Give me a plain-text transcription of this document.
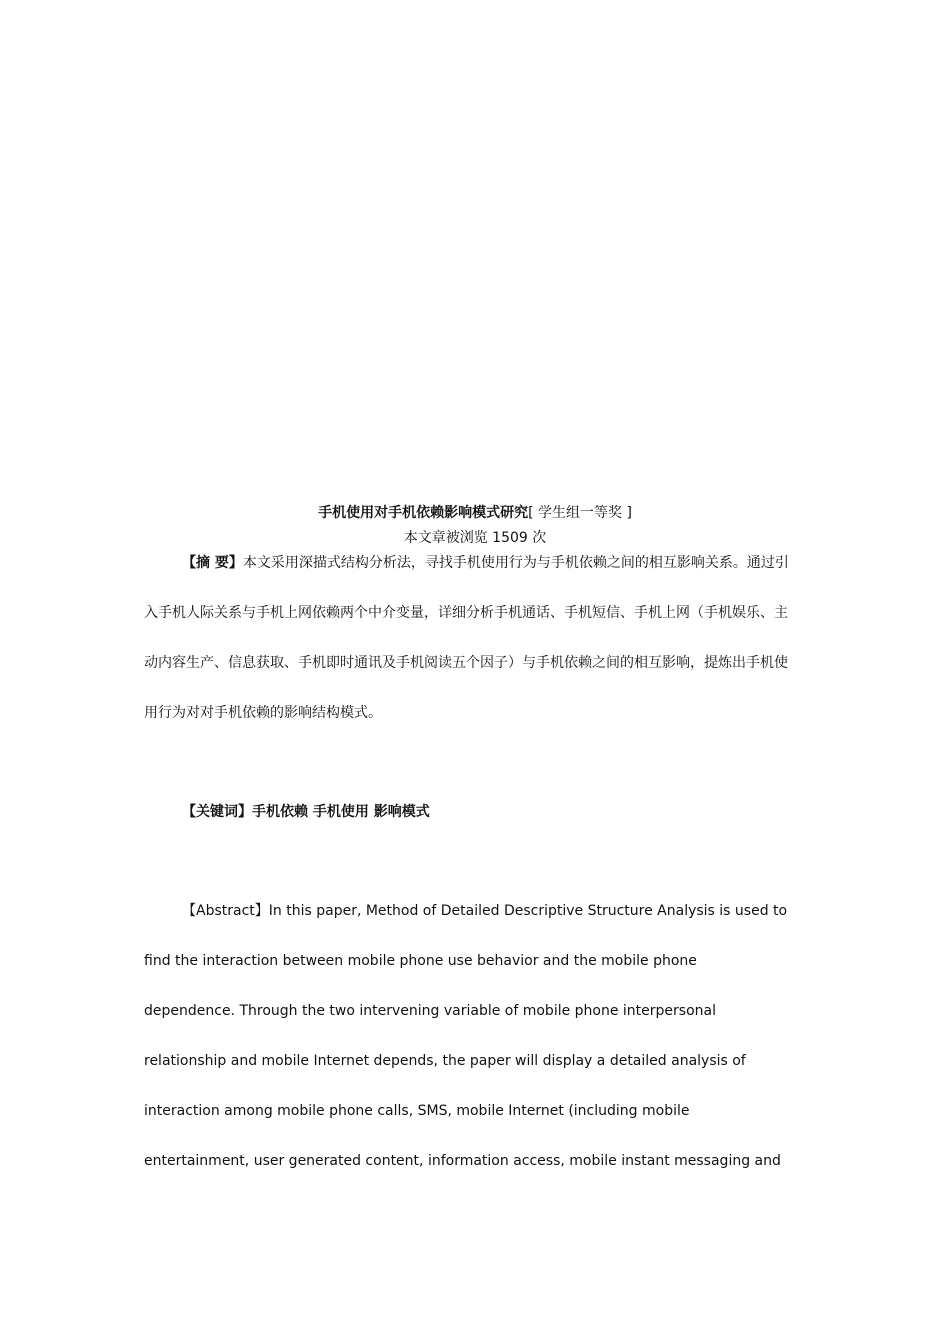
手机使用对手机依赖影响模式研究[ 学生组一等奖 ]
本文章被浏览 1509 次
【摘 要】本文采用深描式结构分析法，寻找手机使用行为与手机依赖之间的相互影响关系。通过引
入手机人际关系与手机上网依赖两个中介变量，详细分析手机通话、手机短信、手机上网（手机娱乐、主
动内容生产、信息获取、手机即时通讯及手机阅读五个因子）与手机依赖之间的相互影响，提炼出手机使
用行为对对手机依赖的影响结构模式。
【关键词】手机依赖 手机使用 影响模式
【Abstract】In this paper, Method of Detailed Descriptive Structure Analysis is used to
find the interaction between mobile phone use behavior and the mobile phone
dependence. Through the two intervening variable of mobile phone interpersonal
relationship and mobile Internet depends, the paper will display a detailed analysis of
interaction among mobile phone calls, SMS, mobile Internet (including mobile
entertainment, user generated content, information access, mobile instant messaging and
